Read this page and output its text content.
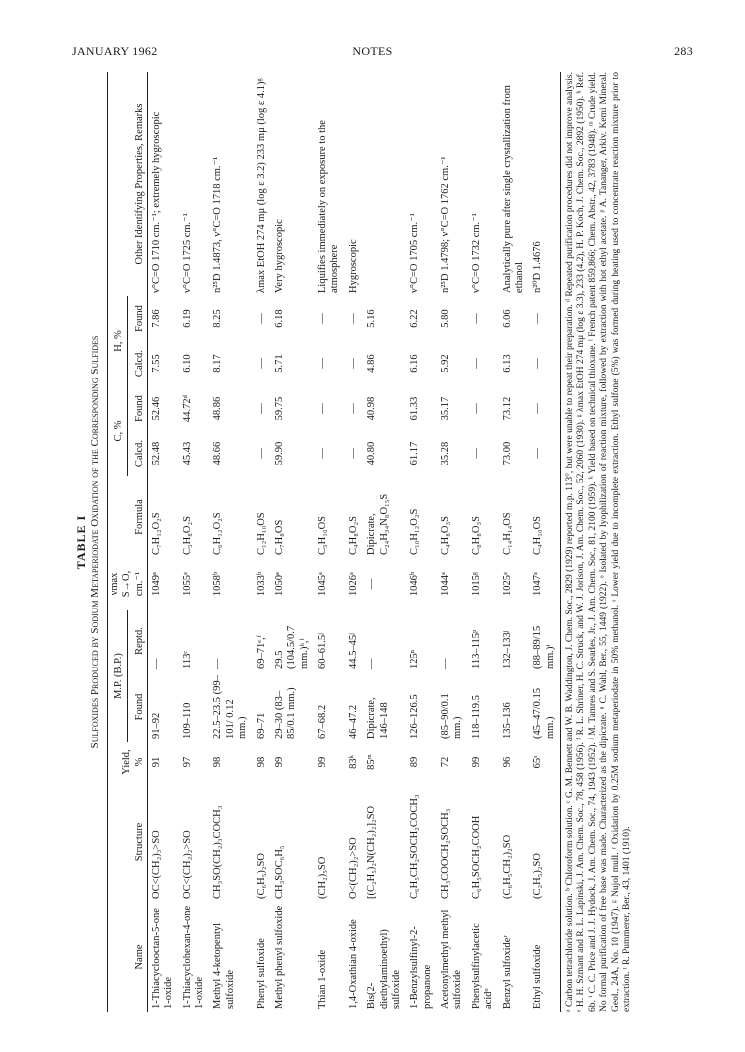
JANUARY 1962	NOTES	283
TABLE I Sulfoxides Produced by Sodium Metaperiodate Oxidation of the Corresponding Sulfides
Name	Structure	Yield, %	M.P. (B.P.)		νmax S→O, cm.⁻¹	Formula	C, %		H, %		Other Identifying Properties, Remarks
			Found	Reptd.			Calcd.	Found	Calcd.	Found	
1-Thiacyclooctan-5-one 1-oxide	OC<(CH₂)₃>SO	91	91–92	—	1049ᵃ	C₇H₁₂O₂S	52.48	52.46	7.55	7.86	ν°C=O 1710 cm.⁻¹; extremely hygroscopic
1-Thiacyclohexan-4-one 1-oxide	OC<(CH₂)₂>SO	97	109–110	113ᶜ	1055ᵃ	C₅H₈O₂S	45.43	44.72ᵈ	6.10	6.19	ν°C=O 1725 cm.⁻¹
Methyl 4-ketopentyl sulfoxide	CH₃SO(CH₂)₃COCH₃	98	22.5–23.5 (99–101/ 0.12 mm.)	—	1058ᵇ	C₆H₁₂O₂S	48.66	48.86	8.17	8.25	n²⁵D 1.4873, ν°C=O 1718 cm.⁻¹
Phenyl sulfoxide	(C₆H₅)₂SO	98	69–71	69–71ᵉ,ᶠ	1033ᵇ	C₁₂H₁₀OS	—	—	—	—	λmax EtOH 274 mμ (log ε 3.2) 233 mμ (log ε 4.1)ᵍ
Methyl phenyl sulfoxide	CH₃SOC₆H₅	99	29–30 (83–85/0.1 mm.)	29.5 (104.5/0.7 mm.)ʰ,ⁱ	1050ᵃ	C₇H₈OS	59.90	59.75	5.71	6.18	Very hygroscopic
Thian 1-oxide	(CH₂)₅SO	99	67–68.2	60–61.5ʲ	1045ᵃ	C₅H₁₀OS	—	—	—	—	Liquifies immediately on exposure to the atmosphere
1,4-Oxathian 4-oxide	O<(CH₂)₂>SO	83ᵏ	46–47.2	44.5–45ʲ	1026ᵃ	C₄H₈O₂S	—	—	—	—	Hygroscopic
Bis(2-diethylaminoethyl) sulfoxide	[(C₂H₅)₂N(CH₂)₂]₂SO	85ᵐ	Dipicrate, 146–148	—	—	Dipicrate, C₂₄H₃₄N₈O₁₅S	40.80	40.98	4.86	5.16	
1-Benzylsulfinyl-2-propanone	C₆H₅CH₂SOCH₂COCH₃	89	126–126.5	125ⁿ	1046ᵇ	C₁₀H₁₂O₂S	61.17	61.33	6.16	6.22	ν°C=O 1705 cm.⁻¹
Acetonylmethyl methyl sulfoxide	CH₃COOCH₂SOCH₃	72	(85–90/0.1 mm.)	—	1044ᵃ	C₄H₈O₃S	35.28	35.17	5.92	5.80	n²⁵D 1.4798; ν°C=O 1762 cm.⁻¹
Phenylsulfinylacetic acidᵒ	C₆H₅SOCH₂COOH	99	118–119.5	113–115ᵖ	1015ᵍ	C₈H₈O₃S	—	—	—	—	ν°C=O 1732 cm.⁻¹
Benzyl sulfoxideʳ	(C₆H₅CH₂)₂SO	96	135–136	132–133ʲ	1025ᵃ	C₁₄H₁₄OS	73.00	73.12	6.13	6.06	Analytically pure after single crystallization from ethanol
Ethyl sulfoxide	(C₂H₅)₂SO	65ˢ	(45–47/0.15 mm.)	(88–89/15 mm.)ᵗ	1047ᵃ	C₄H₁₀OS	—	—	—	—	n²⁰D 1.4676 ᵃ Carbon tetrachloride solution. ᵇ Chloroform solution. ᶜ G. M. Bennett and W. B. Waddington, J. Chem. Soc., 2829 (1929) reported m.p. 113°, but were unable to repeat their preparation. ᵈ Repeated purification procedures did not improve analysis. ᵉ H. H. Szmant and R. L. Lapinski, J. Am. Chem. Soc., 78, 458 (1956). ᶠ R. L. Shriner, H. C. Struck, and W. J. Jorison, J. Am. Chem. Soc., 52, 2060 (1930). ᵍ λmax EtOH 274 mμ (log ε 3.3), 233 (4.2), H. P. Koch, J. Chem. Soc., 2892 (1950). ʰ Ref. 6b. ⁱ C. C. Price and J. J. Hydock, J. Am. Chem. Soc., 74, 1943 (1952). ʲ M. Tamres and S. Searles, Jr., J. Am. Chem. Soc., 81, 2100 (1959). ᵏ Yield based on technical thioxane. ˡ French patent 859,866; Chem. Abstr., 42, 3783 (1948). ᵐ Crude yield. No formal purification of free base was made. Characterized as the dipicrate. ⁿ C. Wahl, Ber., 55, 1449 (1922). ᵒ Isolated by lyophilization of reaction mixture, followed by extraction with hot ethyl acetate. ᵖ A. Tananger, Arkiv. Kemi Mineral. Geol., 24A, No. 10 (1947). ᵍ Nujol mull. ʳ Oxidation by 0.25M sodium metaperiodate in 50% methanol. ˢ Lower yield due to incomplete extraction. Ethyl sulfone (5%) was formed during heating used to concentrate reaction mixture prior to extraction. ᵗ R. Pummerer, Ber., 43, 1401 (1910).
